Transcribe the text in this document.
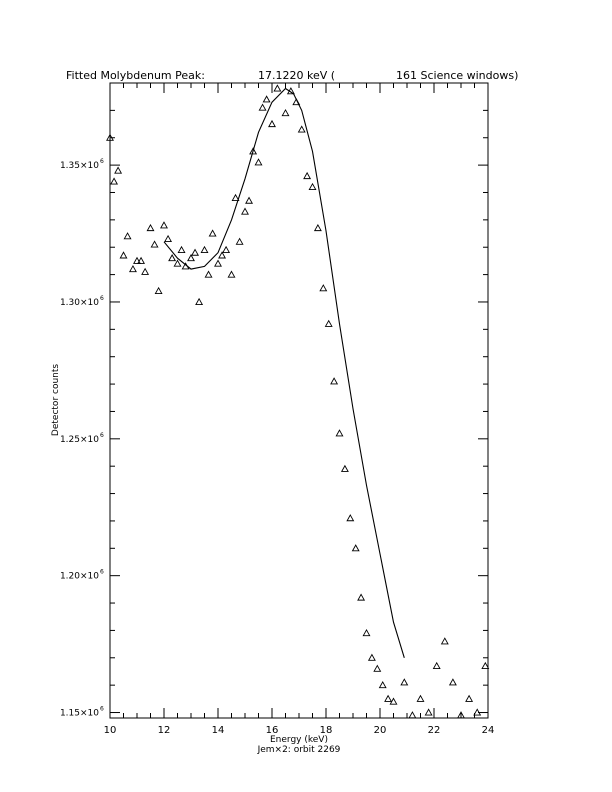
Fitted Molybdenum Peak:	17.1220 keV (	161 Science windows)
10	12	14	16	18	20	22	24
1.15×10 6
1.20×10 6
1.25×10 6
1.30×10 6
1.35×10 6
Energy (keV)
Jem×2: orbit 2269
Detector counts
